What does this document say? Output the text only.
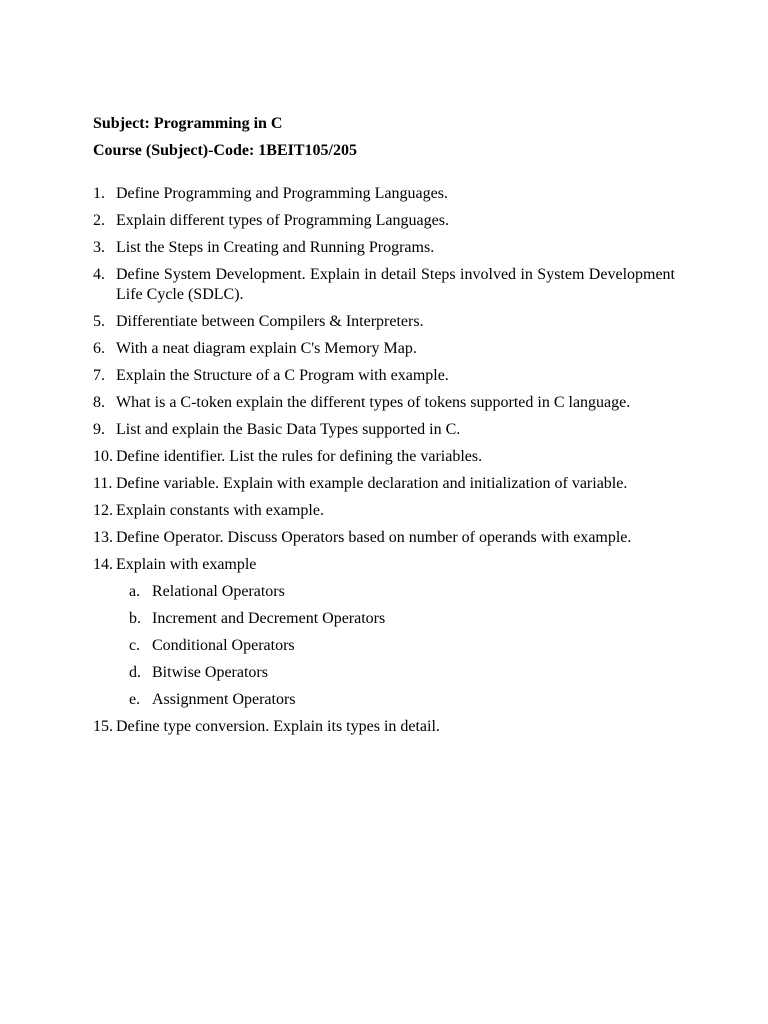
Subject: Programming in C
Course (Subject)-Code: 1BEIT105/205
1. Define Programming and Programming Languages.
2. Explain different types of Programming Languages.
3. List the Steps in Creating and Running Programs.
4. Define System Development. Explain in detail Steps involved in System Development Life Cycle (SDLC).
5. Differentiate between Compilers & Interpreters.
6. With a neat diagram explain C's Memory Map.
7. Explain the Structure of a C Program with example.
8. What is a C-token explain the different types of tokens supported in C language.
9. List and explain the Basic Data Types supported in C.
10. Define identifier. List the rules for defining the variables.
11. Define variable. Explain with example declaration and initialization of variable.
12. Explain constants with example.
13. Define Operator. Discuss Operators based on number of operands with example.
14. Explain with example
a. Relational Operators
b. Increment and Decrement Operators
c. Conditional Operators
d. Bitwise Operators
e. Assignment Operators
15. Define type conversion. Explain its types in detail.
